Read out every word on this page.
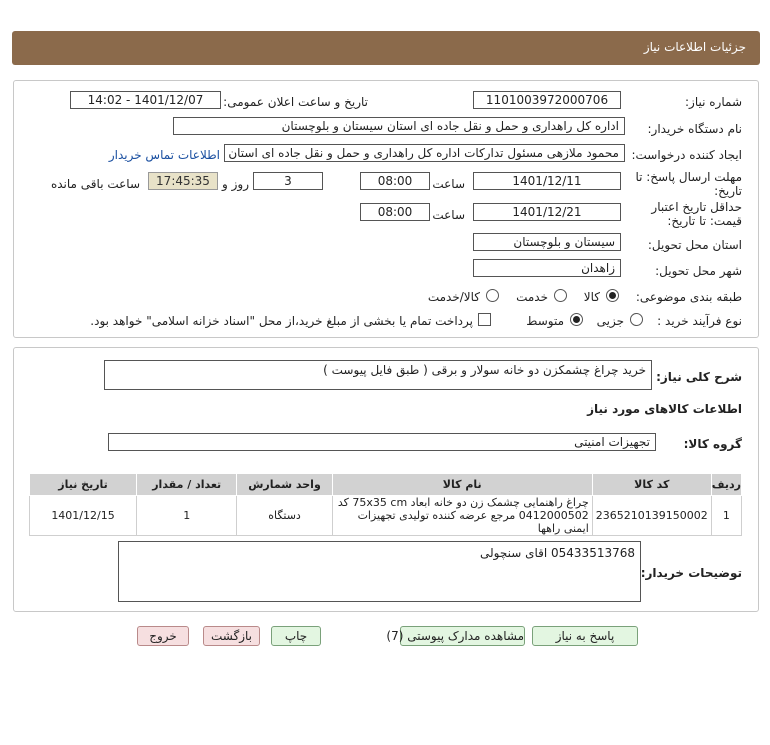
جزئیات اطلاعات نیاز
شماره نیاز:
1101003972000706
تاریخ و ساعت اعلان عمومی:
1401/12/07 - 14:02
نام دستگاه خریدار:
اداره کل راهداری و حمل و نقل جاده ای استان سیستان و بلوچستان
ایجاد کننده درخواست:
محمود ملازهی مسئول تدارکات اداره کل راهداری و حمل و نقل جاده ای استان
اطلاعات تماس خریدار
مهلت ارسال پاسخ: تا
تاریخ:
1401/12/11
ساعت
08:00
3
روز و
17:45:35
ساعت باقی مانده
حداقل تاریخ اعتبار
قیمت: تا تاریخ:
1401/12/21
ساعت
08:00
استان محل تحویل:
سیستان و بلوچستان
شهر محل تحویل:
زاهدان
طبقه بندی موضوعی:
کالا
خدمت
کالا/خدمت
نوع فرآیند خرید :
جزیی
متوسط
پرداخت تمام یا بخشی از مبلغ خرید،از محل "اسناد خزانه اسلامی" خواهد بود.
شرح کلی نیاز:
خرید چراغ چشمکزن دو خانه سولار و برقی ( طبق فایل پیوست )
اطلاعات کالاهای مورد نیاز
گروه کالا:
تجهیزات امنیتی
ردیف	کد کالا	نام کالا	واحد شمارش	تعداد / مقدار	تاریخ نیاز
1	2365210139150002	چراغ راهنمایی چشمک زن دو خانه ابعاد 75x35 cm کد
0412000502 مرجع عرضه کننده تولیدی تجهیزات ایمنی راهها	دستگاه	1	1401/12/15
توضیحات خریدار:
05433513768 اقای سنچولی
پاسخ به نیاز
مشاهده مدارک پیوستی (7)
چاپ
بازگشت
خروج
